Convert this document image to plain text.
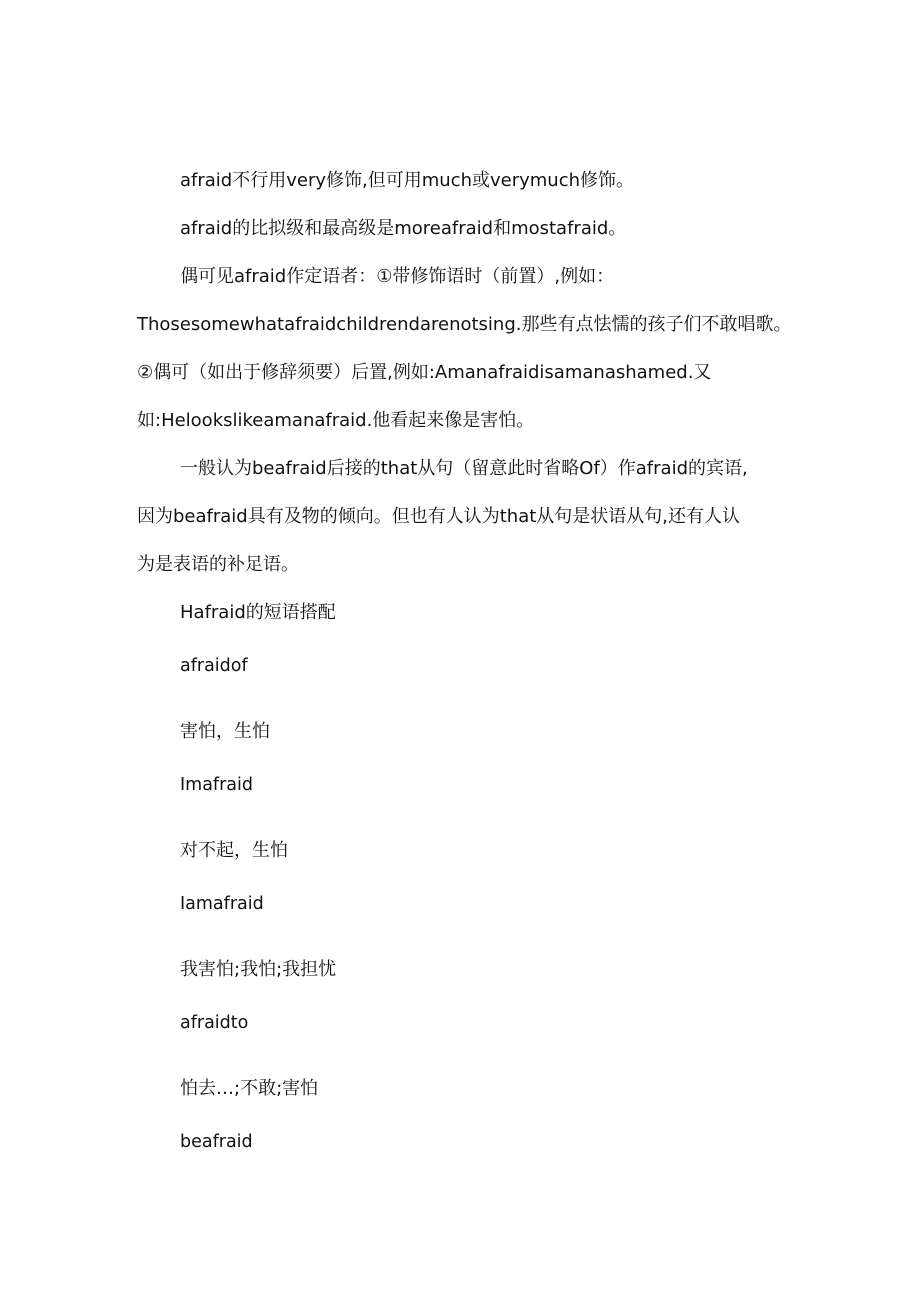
afraid不行用very修饰,但可用much或verymuch修饰。
afraid的比拟级和最高级是moreafraid和mostafraid。
偶可见afraid作定语者：①带修饰语时（前置）,例如：
Thosesomewhatafraidchildrendarenotsing.那些有点怯懦的孩子们不敢唱歌。
②偶可（如出于修辞须要）后置,例如:Amanafraidisamanashamed.又
如:Helookslikeamanafraid.他看起来像是害怕。
一般认为beafraid后接的that从句（留意此时省略Of）作afraid的宾语,
因为beafraid具有及物的倾向。但也有人认为that从句是状语从句,还有人认
为是表语的补足语。
Hafraid的短语搭配
afraidof
害怕，生怕
Imafraid
对不起，生怕
Iamafraid
我害怕;我怕;我担忧
afraidto
怕去…;不敢;害怕
beafraid
